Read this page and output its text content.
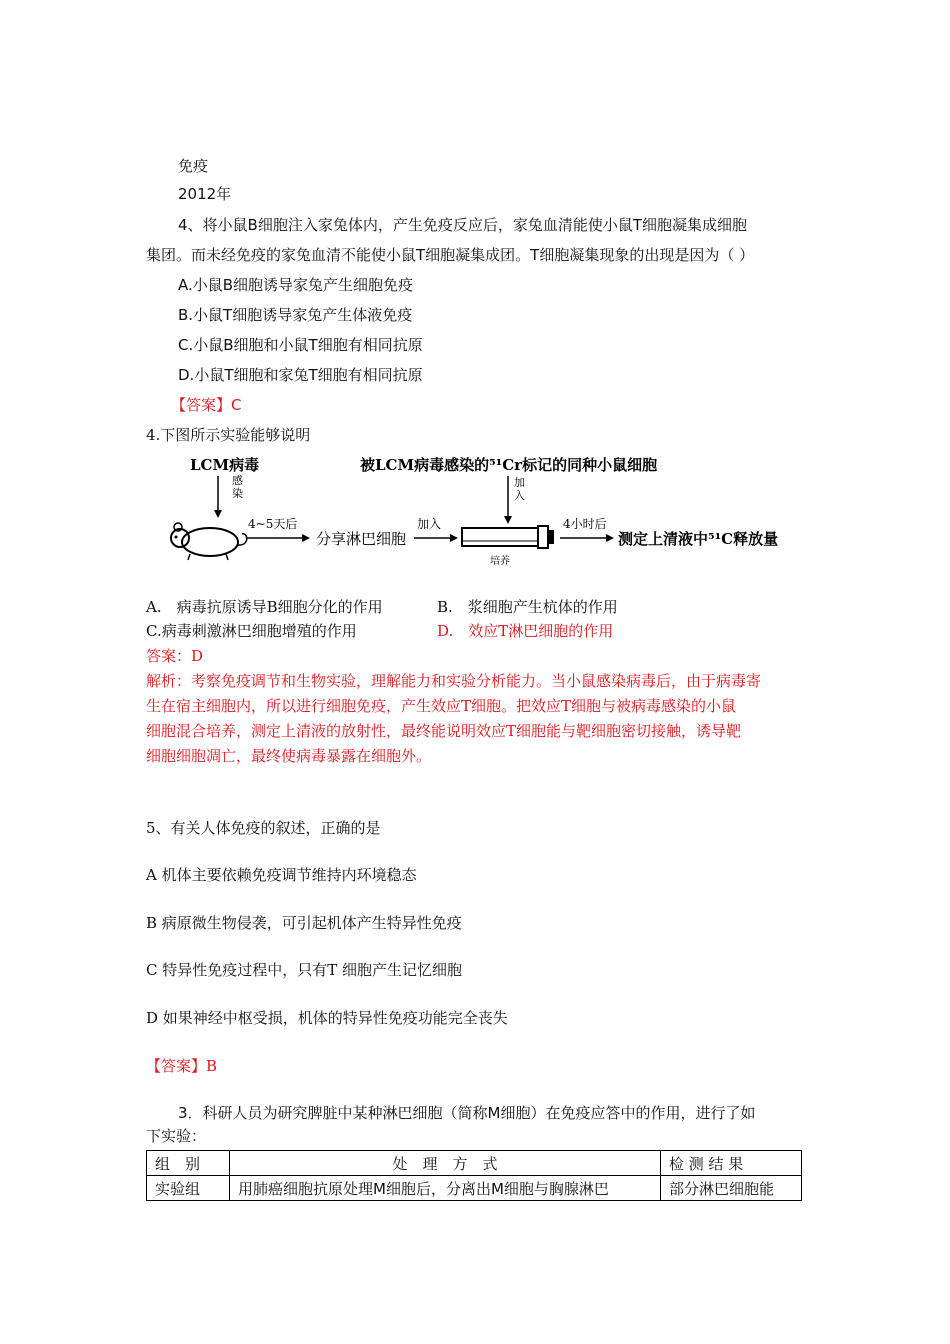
免疫
2012年
4、将小鼠B细胞注入家兔体内，产生免疫反应后，家兔血清能使小鼠T细胞凝集成细胞
集团。而未经免疫的家兔血清不能使小鼠T细胞凝集成团。T细胞凝集现象的出现是因为（ ）
A.小鼠B细胞诱导家兔产生细胞免疫
B.小鼠T细胞诱导家兔产生体液免疫
C.小鼠B细胞和小鼠T细胞有相同抗原
D.小鼠T细胞和家兔T细胞有相同抗原
【答案】C
4.下图所示实验能够说明
LCM病毒
感
染
4~5天后
分享淋巴细胞
加入
被LCM病毒感染的⁵¹Cr标记的同种小鼠细胞
加
入
培养
4小时后
测定上清液中⁵¹C释放量
A.　病毒抗原诱导B细胞分化的作用	B.　浆细胞产生杭体的作用
C.病毒刺激淋巴细胞增殖的作用	D.　效应T淋巴细胞的作用
答案：D
解析：考察免疫调节和生物实验，理解能力和实验分析能力。当小鼠感染病毒后，由于病毒寄
生在宿主细胞内，所以进行细胞免疫，产生效应T细胞。把效应T细胞与被病毒感染的小鼠
细胞混合培养，测定上清液的放射性，最终能说明效应T细胞能与靶细胞密切接触，诱导靶
细胞细胞凋亡，最终使病毒暴露在细胞外。
5、有关人体免疫的叙述，正确的是
A 机体主要依赖免疫调节维持内环境稳态
B 病原微生物侵袭，可引起机体产生特异性免疫
C 特异性免疫过程中，只有T 细胞产生记忆细胞
D 如果神经中枢受损，机体的特异性免疫功能完全丧失
【答案】B
3．科研人员为研究脾脏中某种淋巴细胞（简称M细胞）在免疫应答中的作用，进行了如
下实验：
组　别	处　理　方　式	检 测 结 果
实验组	用肺癌细胞抗原处理M细胞后，分离出M细胞与胸腺淋巴	部分淋巴细胞能
